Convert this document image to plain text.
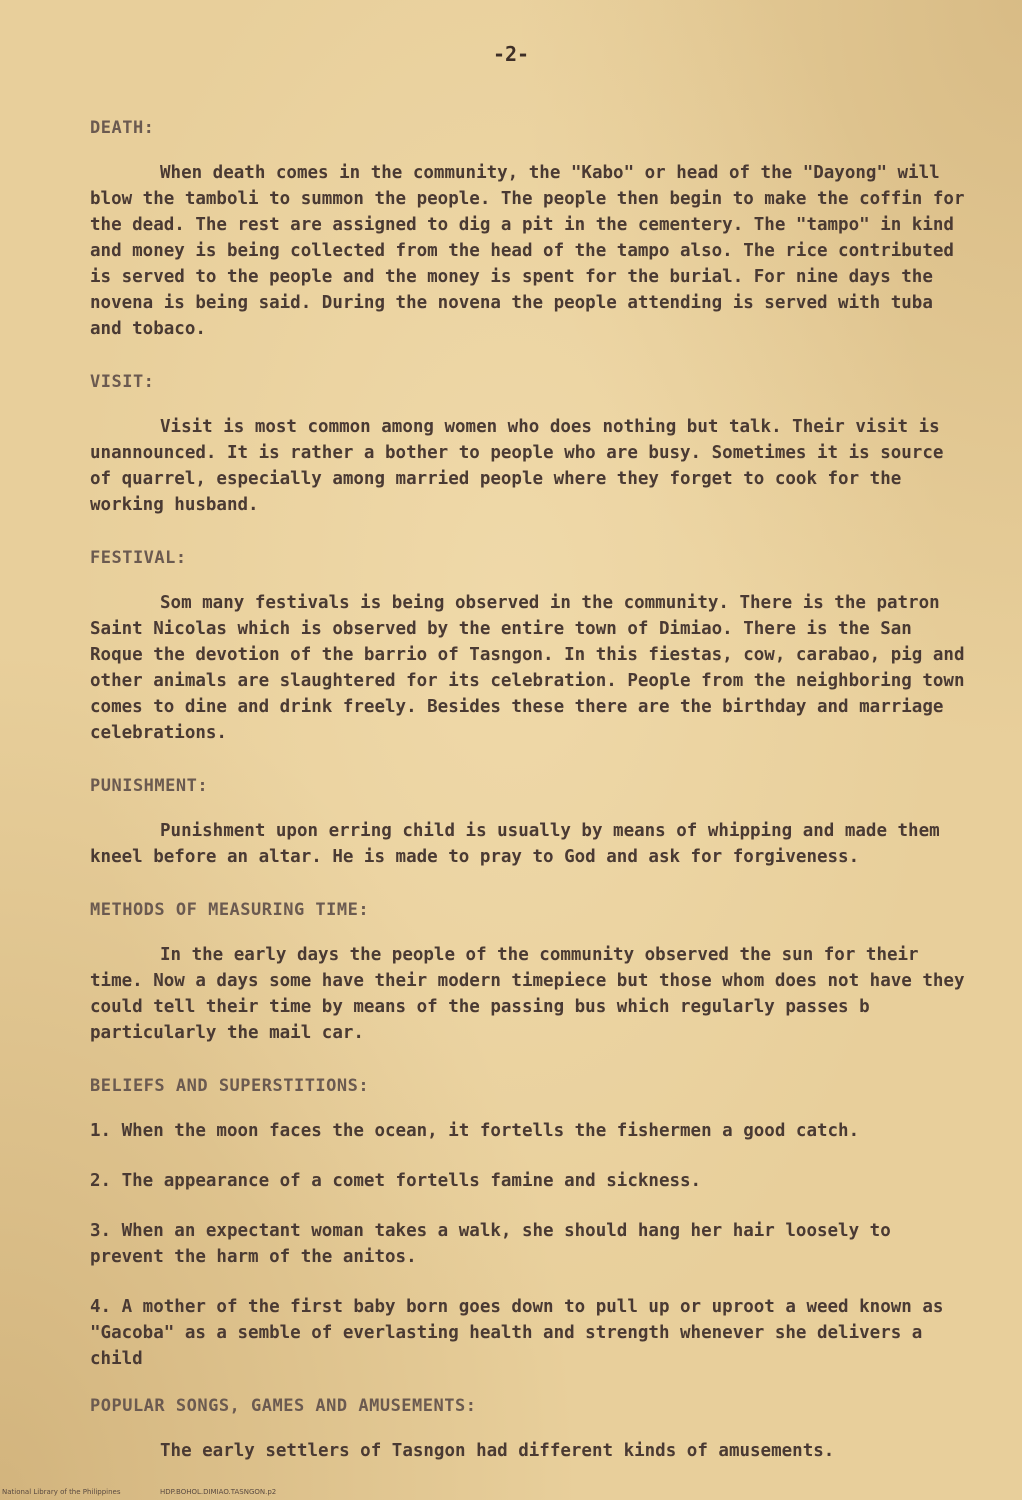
-2-
DEATH:

When death comes in the community, the "Kabo" or head of the "Dayong" will blow the tamboli to summon the people. The people then begin to make the coffin for the dead. The rest are assigned to dig a pit in the cementery. The "tampo" in kind and money is being collected from the head of the tampo also. The rice contributed is served to the people and the money is spent for the burial. For nine days the novena is being said. During the novena the people attending is served with tuba and tobaco.

VISIT:

Visit is most common among women who does nothing but talk. Their visit is unannounced. It is rather a bother to people who are busy. Sometimes it is source of quarrel, especially among married people where they forget to cook for the working husband.

FESTIVAL:

Som many festivals is being observed in the community. There is the patron Saint Nicolas which is observed by the entire town of Dimiao. There is the San Roque the devotion of the barrio of Tasngon. In this fiestas, cow, carabao, pig and other animals are slaughtered for its celebration. People from the neighboring town comes to dine and drink freely. Besides these there are the birthday and marriage celebrations.

PUNISHMENT:

Punishment upon erring child is usually by means of whipping and made them kneel before an altar. He is made to pray to God and ask for forgiveness.

METHODS OF MEASURING TIME:

In the early days the people of the community observed the sun for their time. Now a days some have their modern timepiece but those whom does not have they could tell their time by means of the passing bus which regularly passes b particularly the mail car.

BELIEFS AND SUPERSTITIONS:
1. When the moon faces the ocean, it fortells the fishermen a good catch.
2. The appearance of a comet fortells famine and sickness.
3. When an expectant woman takes a walk, she should hang her hair loosely to prevent the harm of the anitos.
4. A mother of the first baby born goes down to pull up or uproot a weed known as "Gacoba" as a semble of everlasting health and strength whenever she delivers a child
POPULAR SONGS, GAMES AND AMUSEMENTS:

The early settlers of Tasngon had different kinds of amusements.

National Library of the Philippines	HDP.BOHOL.DIMIAO.TASNGON.p2
